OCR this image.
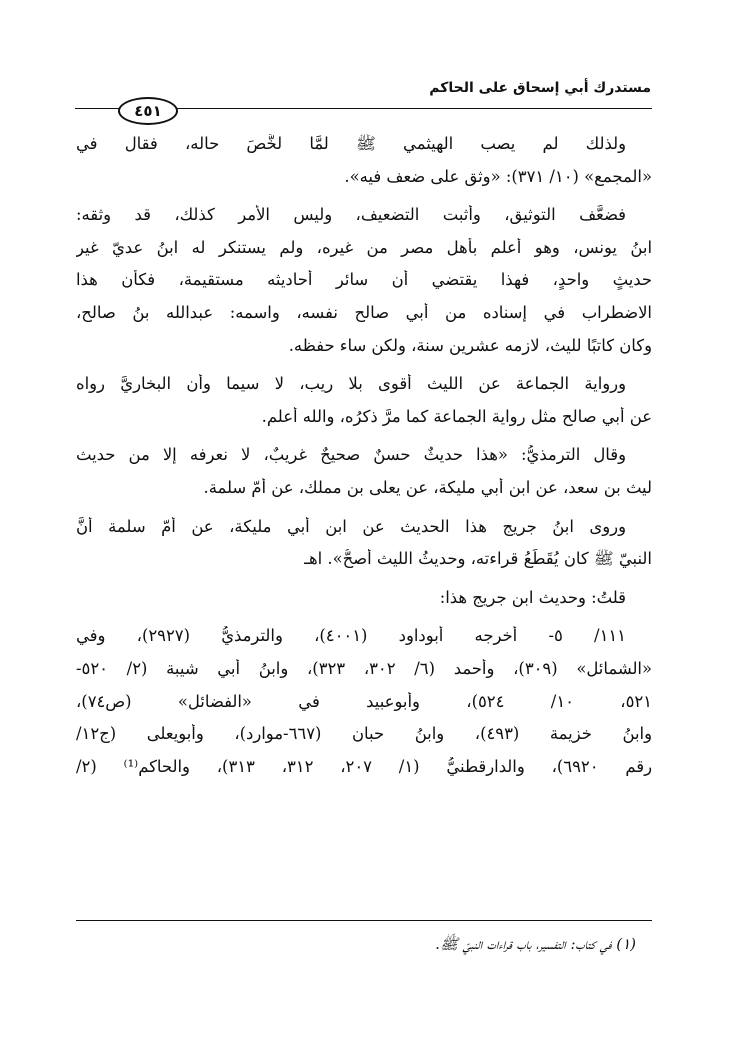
مستدرك أبي إسحاق على الحاكم
٤٥١
ولذلك لم يصب الهيثمي ﷺ لمَّا لخَّصَ حاله، فقال في
«المجمع» (١٠/ ٣٧١): «وثق على ضعف فيه».
فضعَّف التوثيق، وأثبت التضعيف، وليس الأمر كذلك، قد وثقه:
ابنُ يونس، وهو أعلم بأهل مصر من غيره، ولم يستنكر له ابنُ عديّ غير
حديثٍ واحدٍ، فهذا يقتضي أن سائر أحاديثه مستقيمة، فكأن هذا
الاضطراب في إسناده من أبي صالح نفسه، واسمه: عبدالله بنُ صالح،
وكان كاتبًا لليث، لازمه عشرين سنة، ولكن ساء حفظه.
ورواية الجماعة عن الليث أقوى بلا ريب، لا سيما وأن البخاريَّ رواه
عن أبي صالح مثل رواية الجماعة كما مرَّ ذكرُه، والله أعلم.
وقال الترمذيُّ: «هذا حديثٌ حسنٌ صحيحٌ غريبٌ، لا نعرفه إلا من حديث
ليث بن سعد، عن ابن أبي مليكة، عن يعلى بن مملك، عن أمّ سلمة.
وروى ابنُ جريج هذا الحديث عن ابن أبي مليكة، عن أمّ سلمة أنَّ
النبيّ ﷺ كان يُقَطِّعُ قراءته، وحديثُ الليث أصحُّ». اهـ
قلتُ: وحديث ابن جريج هذا:
١١١/ ٥- أخرجه أبوداود (٤٠٠١)، والترمذيُّ (٢٩٢٧)، وفي
«الشمائل» (٣٠٩)، وأحمد (٦/ ٣٠٢، ٣٢٣)، وابنُ أبي شيبة (٢/ ٥٢٠-
٥٢١، ١٠/ ٥٢٤)، وأبوعبيد في «الفضائل» (ص٧٤)،
وابنُ خزيمة (٤٩٣)، وابنُ حبان (٦٦٧-موارد)، وأبويعلى (ج١٢/
رقم ٦٩٢٠)، والدارقطنيُّ (١/ ٢٠٧، ٣١٢، ٣١٣)، والحاكم⁽¹⁾ (٢/
(١) في كتاب: التفسير، باب قراءات النبيّ ﷺ.
